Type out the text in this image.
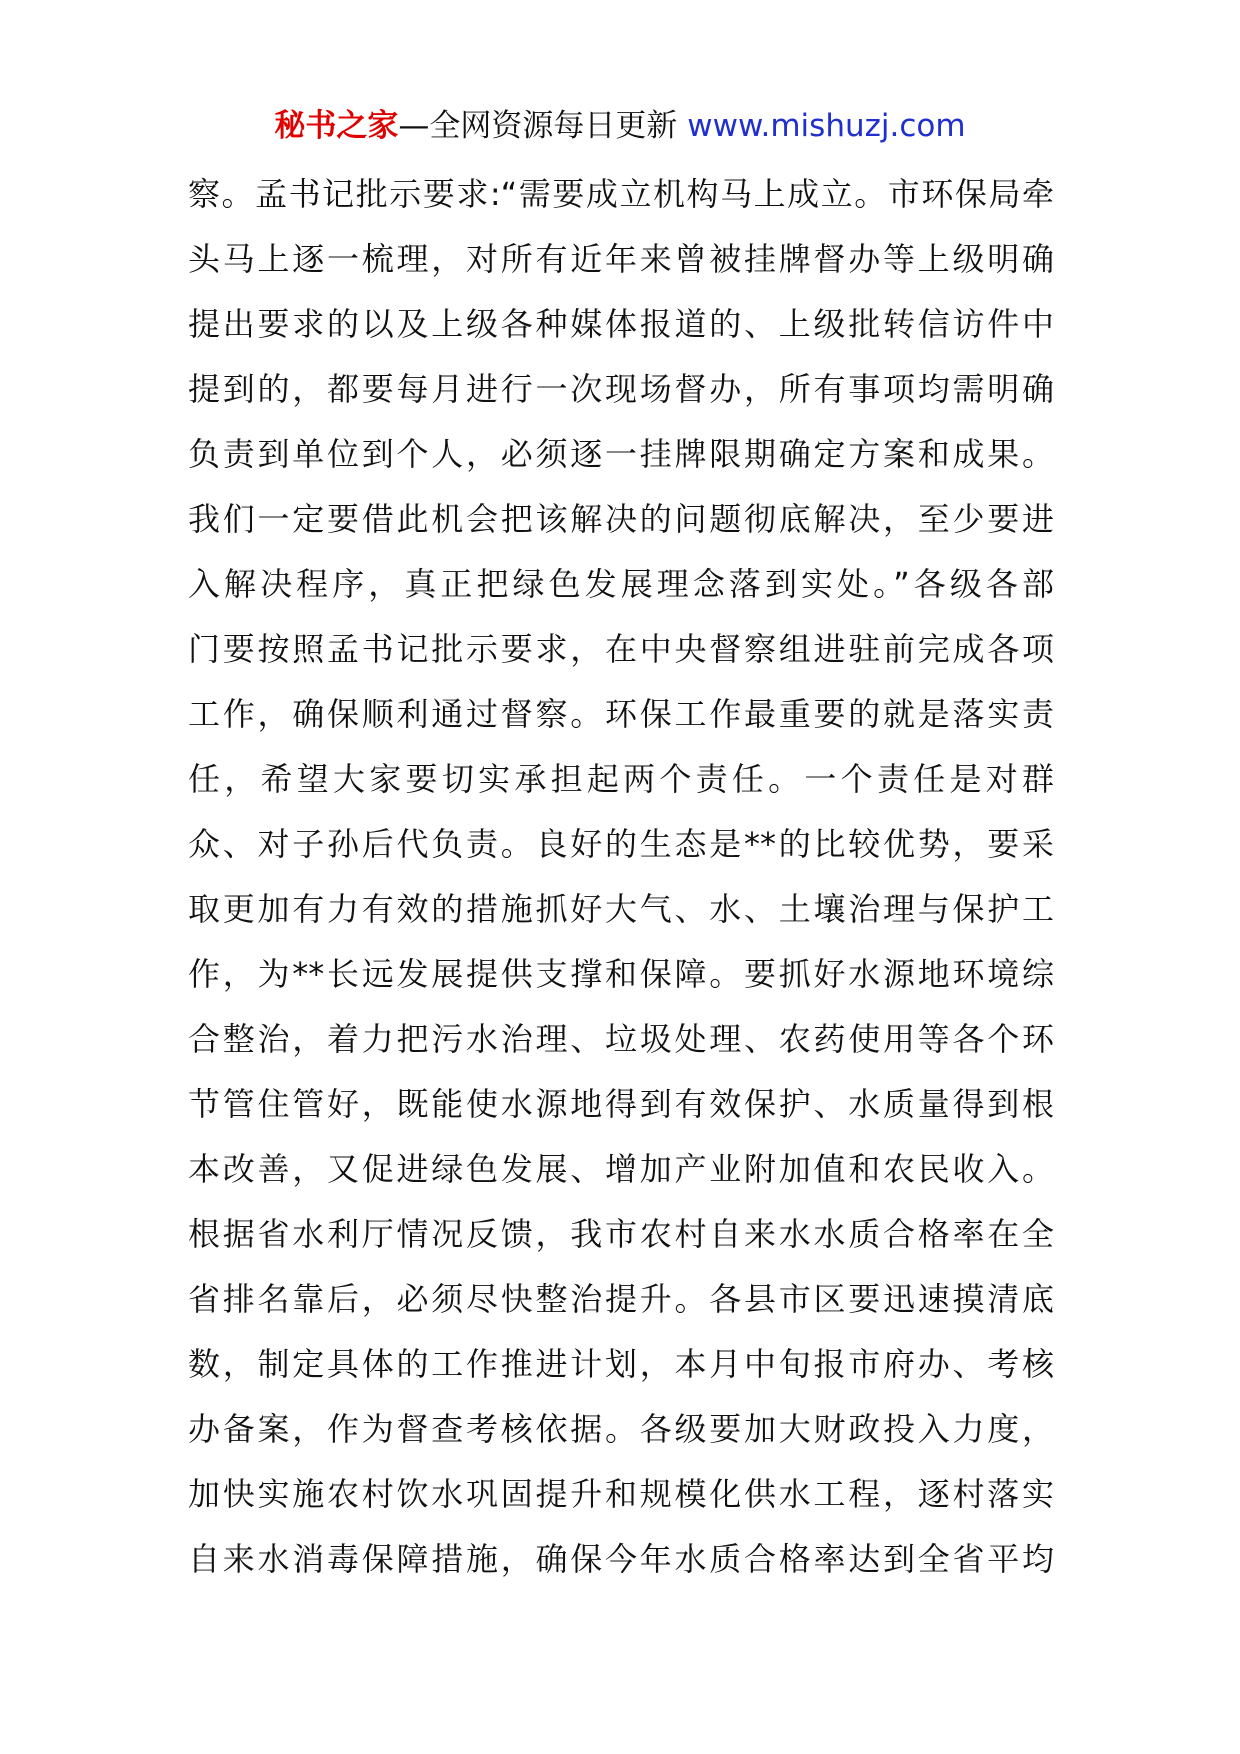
秘书之家—全网资源每日更新 www.mishuzj.com
察。孟书记批示要求:“需要成立机构马上成立。市环保局牵
头马上逐一梳理，对所有近年来曾被挂牌督办等上级明确
提出要求的以及上级各种媒体报道的、上级批转信访件中
提到的，都要每月进行一次现场督办，所有事项均需明确
负责到单位到个人，必须逐一挂牌限期确定方案和成果。
我们一定要借此机会把该解决的问题彻底解决，至少要进
入解决程序，真正把绿色发展理念落到实处。”各级各部
门要按照孟书记批示要求，在中央督察组进驻前完成各项
工作，确保顺利通过督察。环保工作最重要的就是落实责
任，希望大家要切实承担起两个责任。一个责任是对群
众、对子孙后代负责。良好的生态是**的比较优势，要采
取更加有力有效的措施抓好大气、水、土壤治理与保护工
作，为**长远发展提供支撑和保障。要抓好水源地环境综
合整治，着力把污水治理、垃圾处理、农药使用等各个环
节管住管好，既能使水源地得到有效保护、水质量得到根
本改善，又促进绿色发展、增加产业附加值和农民收入。
根据省水利厅情况反馈，我市农村自来水水质合格率在全
省排名靠后，必须尽快整治提升。各县市区要迅速摸清底
数，制定具体的工作推进计划，本月中旬报市府办、考核
办备案，作为督查考核依据。各级要加大财政投入力度，
加快实施农村饮水巩固提升和规模化供水工程，逐村落实
自来水消毒保障措施，确保今年水质合格率达到全省平均
